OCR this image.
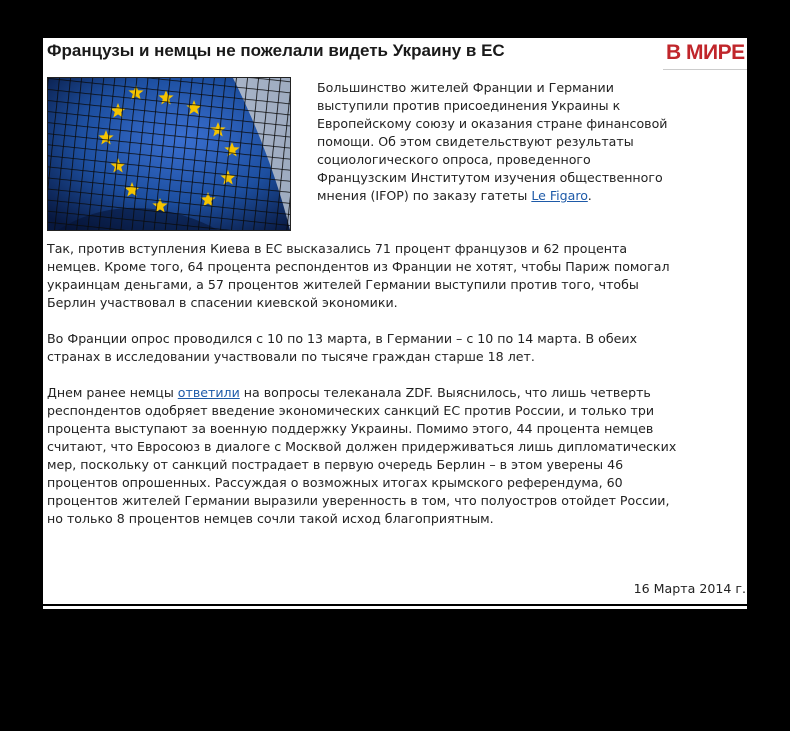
Французы и немцы не пожелали видеть Украину в ЕС	В МИРЕ

Большинство жителей Франции и Германии выступили против присоединения Украины к Европейскому союзу и оказания стране финансовой помощи. Об этом свидетельствуют результаты социологического опроса, проведенного Французским Институтом изучения общественного мнения (IFOP) по заказу гатеты Le Figaro.

Так, против вступления Киева в ЕС высказались 71 процент французов и 62 процента немцев. Кроме того, 64 процента респондентов из Франции не хотят, чтобы Париж помогал украинцам деньгами, а 57 процентов жителей Германии выступили против того, чтобы Берлин участвовал в спасении киевской экономики.

Во Франции опрос проводился с 10 по 13 марта, в Германии – с 10 по 14 марта. В обеих странах в исследовании участвовали по тысяче граждан старше 18 лет.

Днем ранее немцы ответили на вопросы телеканала ZDF. Выяснилось, что лишь четверть респондентов одобряет введение экономических санкций ЕС против России, и только три процента выступают за военную поддержку Украины. Помимо этого, 44 процента немцев считают, что Евросоюз в диалоге с Москвой должен придерживаться лишь дипломатических мер, поскольку от санкций пострадает в первую очередь Берлин – в этом уверены 46 процентов опрошенных. Рассуждая о возможных итогах крымского референдума, 60 процентов жителей Германии выразили уверенность в том, что полуостров отойдет России, но только 8 процентов немцев сочли такой исход благоприятным.

16 Марта 2014 г.
